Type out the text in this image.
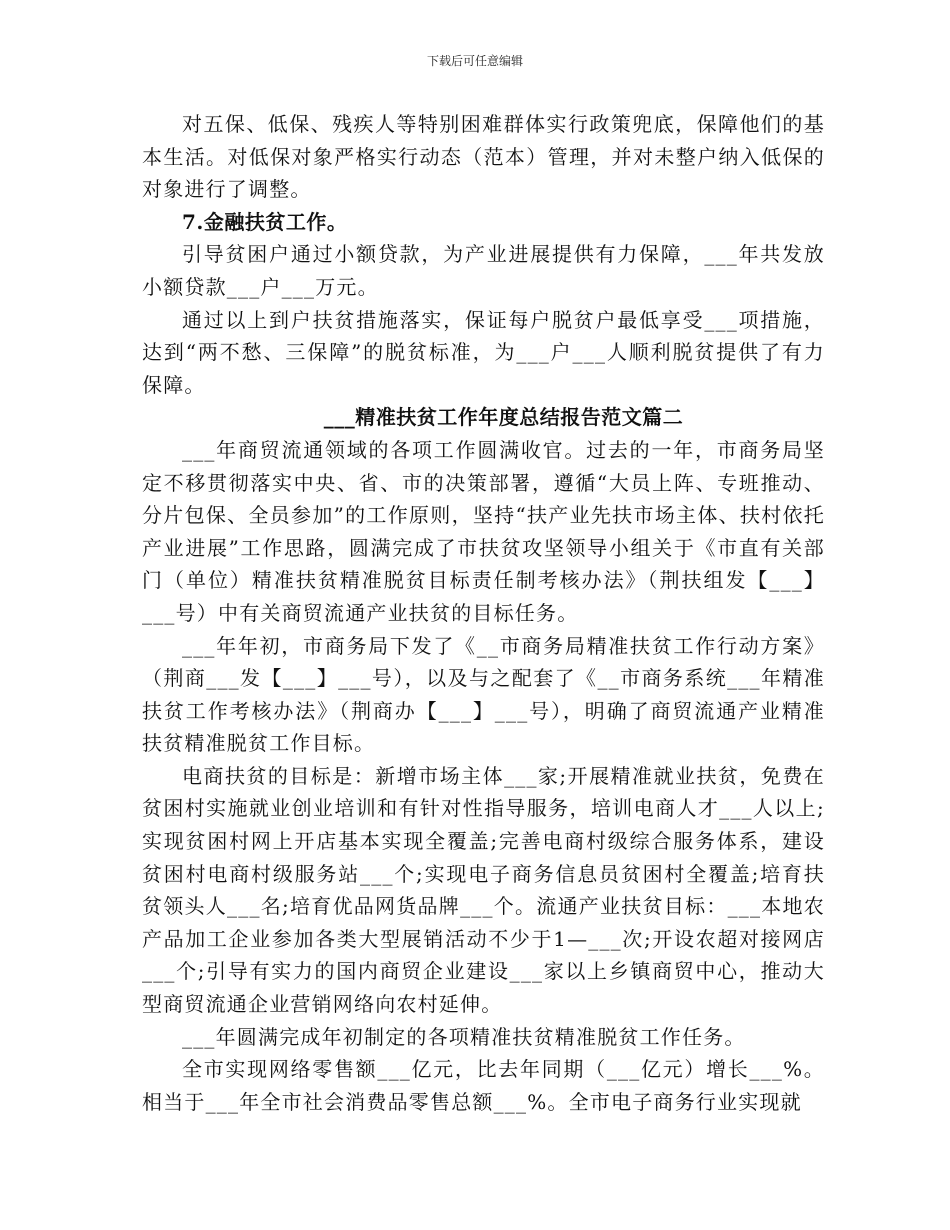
下载后可任意编辑

对五保、低保、残疾人等特别困难群体实行政策兜底，保障他们的基本生活。对低保对象严格实行动态（范本）管理，并对未整户纳入低保的对象进行了调整。

7.金融扶贫工作。

引导贫困户通过小额贷款，为产业进展提供有力保障，___年共发放小额贷款___户___万元。

通过以上到户扶贫措施落实，保证每户脱贫户最低享受___项措施，达到“两不愁、三保障”的脱贫标准，为___户___人顺利脱贫提供了有力保障。

___精准扶贫工作年度总结报告范文篇二

___年商贸流通领域的各项工作圆满收官。过去的一年，市商务局坚定不移贯彻落实中央、省、市的决策部署，遵循“大员上阵、专班推动、分片包保、全员参加”的工作原则，坚持“扶产业先扶市场主体、扶村依托产业进展”工作思路，圆满完成了市扶贫攻坚领导小组关于《市直有关部门（单位）精准扶贫精准脱贫目标责任制考核办法》（荆扶组发【___】___号）中有关商贸流通产业扶贫的目标任务。

___年年初，市商务局下发了《__市商务局精准扶贫工作行动方案》（荆商___发【___】___号），以及与之配套了《__市商务系统___年精准扶贫工作考核办法》（荆商办【___】___号），明确了商贸流通产业精准扶贫精准脱贫工作目标。

电商扶贫的目标是：新增市场主体___家;开展精准就业扶贫，免费在贫困村实施就业创业培训和有针对性指导服务，培训电商人才___人以上;实现贫困村网上开店基本实现全覆盖;完善电商村级综合服务体系，建设贫困村电商村级服务站___个;实现电子商务信息员贫困村全覆盖;培育扶贫领头人___名;培育优品网货品牌___个。流通产业扶贫目标：___本地农产品加工企业参加各类大型展销活动不少于1—___次;开设农超对接网店___个;引导有实力的国内商贸企业建设___家以上乡镇商贸中心，推动大型商贸流通企业营销网络向农村延伸。

___年圆满完成年初制定的各项精准扶贫精准脱贫工作任务。

全市实现网络零售额___亿元，比去年同期（___亿元）增长___%。相当于___年全市社会消费品零售总额___%。全市电子商务行业实现就
